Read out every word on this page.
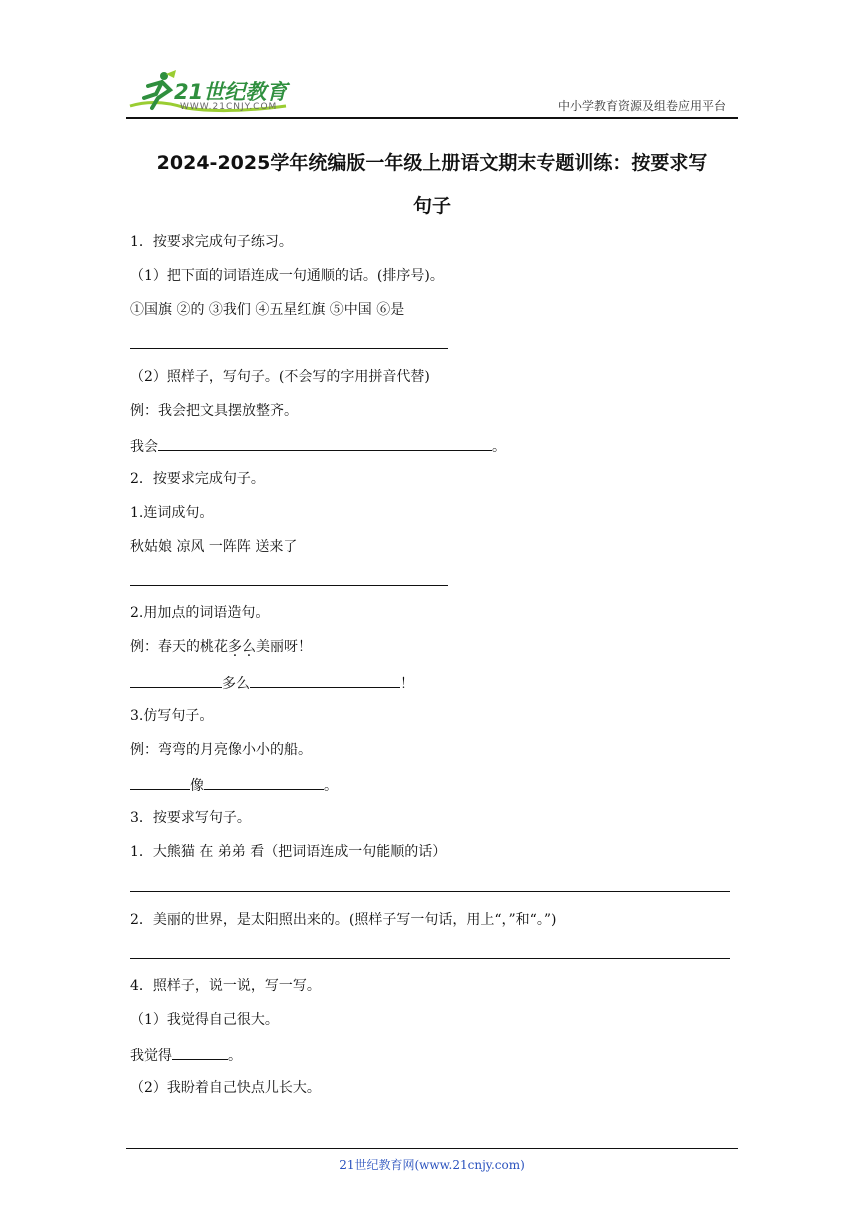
21世纪教育
WWW.21CNJY.COM	中小学教育资源及组卷应用平台
2024-2025学年统编版一年级上册语文期末专题训练：按要求写
句子
1．按要求完成句子练习。
（1）把下面的词语连成一句通顺的话。(排序号)。
①国旗 ②的 ③我们 ④五星红旗 ⑤中国 ⑥是
（2）照样子，写句子。(不会写的字用拼音代替)
例：我会把文具摆放整齐。
我会	。
2．按要求完成句子。
1.连词成句。
秋姑娘 凉风 一阵阵 送来了
2.用加点的词语造句。
例：春天的桃花多么美丽呀！
多么	！
3.仿写句子。
例：弯弯的月亮像小小的船。
像	。
3．按要求写句子。
1．大熊猫 在 弟弟 看（把词语连成一句能顺的话）
2．美丽的世界，是太阳照出来的。(照样子写一句话，用上“，”和“。”)
4．照样子，说一说，写一写。
（1）我觉得自己很大。
我觉得	。
（2）我盼着自己快点儿长大。
21世纪教育网(www.21cnjy.com)
